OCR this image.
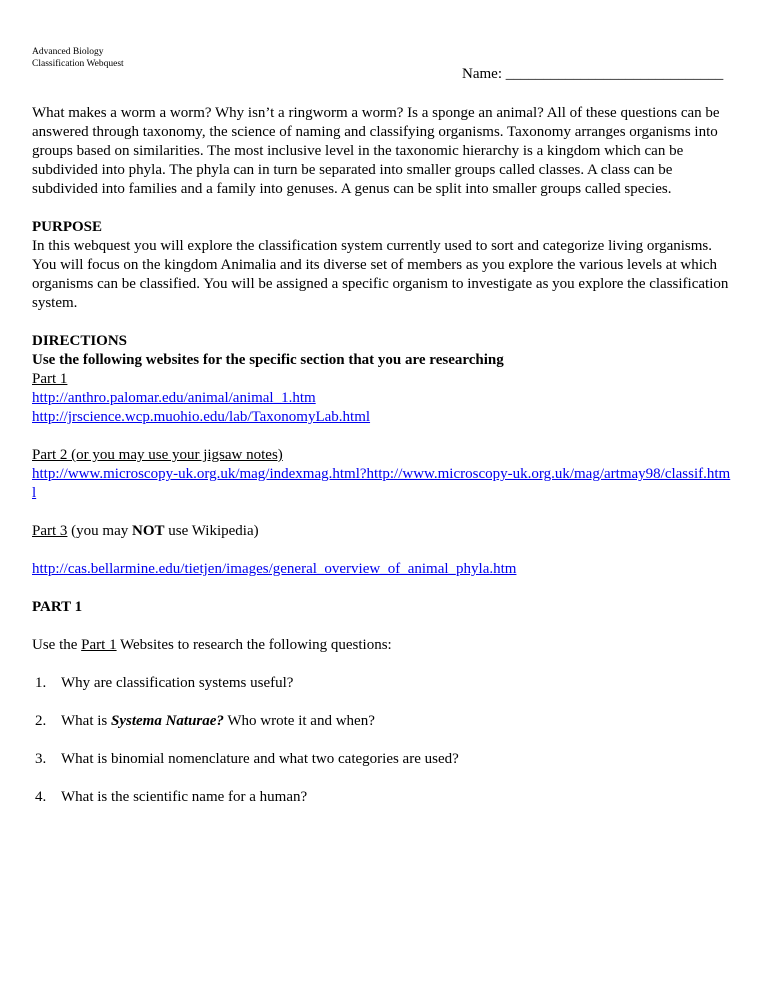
Advanced Biology
Classification Webquest
Name: _____________________________

What makes a worm a worm? Why isn’t a ringworm a worm? Is a sponge an animal? All of these questions can be answered through taxonomy, the science of naming and classifying organisms. Taxonomy arranges organisms into groups based on similarities. The most inclusive level in the taxonomic hierarchy is a kingdom which can be subdivided into phyla. The phyla can in turn be separated into smaller groups called classes. A class can be subdivided into families and a family into genuses. A genus can be split into smaller groups called species.

PURPOSE

In this webquest you will explore the classification system currently used to sort and categorize living organisms. You will focus on the kingdom Animalia and its diverse set of members as you explore the various levels at which organisms can be classified. You will be assigned a specific organism to investigate as you explore the classification system.

DIRECTIONS

Use the following websites for the specific section that you are researching

Part 1

http://anthro.palomar.edu/animal/animal_1.htm

http://jrscience.wcp.muohio.edu/lab/TaxonomyLab.html

Part 2 (or you may use your jigsaw notes)

http://www.microscopy-uk.org.uk/mag/indexmag.html?http://www.microscopy-uk.org.uk/mag/artmay98/classif.html

Part 3 (you may NOT use Wikipedia)

http://cas.bellarmine.edu/tietjen/images/general_overview_of_animal_phyla.htm

PART 1

Use the Part 1 Websites to research the following questions:

1. Why are classification systems useful?
2. What is Systema Naturae? Who wrote it and when?
3. What is binomial nomenclature and what two categories are used?
4. What is the scientific name for a human?
